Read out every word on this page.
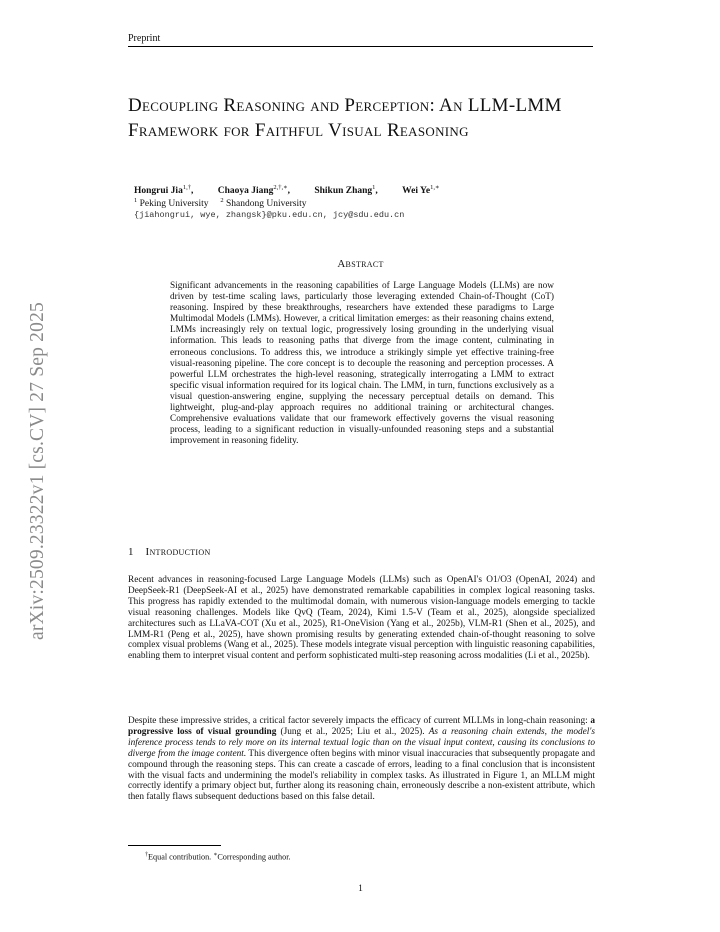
Preprint
Decoupling Reasoning and Perception: An LLM-LMM Framework for Faithful Visual Reasoning
Hongrui Jia$^{1,\dagger}$,	Chaoya Jiang$^{2,\dagger,∗}$,	Shikun Zhang$^1$,	Wei $Ye^{1,∗}$
$^1$ Peking University $^2$ Shandong University
{jiahongrui, wye, zhangsk}@pku.edu.cn, jcy@sdu.edu.cn
Abstract
Significant advancements in the reasoning capabilities of Large Language Models (LLMs) are now driven by test-time scaling laws, particularly those leveraging extended Chain-of-Thought (CoT) reasoning. Inspired by these breakthroughs, researchers have extended these paradigms to Large Multimodal Models (LMMs). However, a critical limitation emerges: as their reasoning chains extend, LMMs increasingly rely on textual logic, progressively losing grounding in the underlying visual information. This leads to reasoning paths that diverge from the image content, culminating in erroneous conclusions. To address this, we introduce a strikingly simple yet effective training-free visual-reasoning pipeline. The core concept is to decouple the reasoning and perception processes. A powerful LLM orchestrates the high-level reasoning, strategically interrogating a LMM to extract specific visual information required for its logical chain. The LMM, in turn, functions exclusively as a visual question-answering engine, supplying the necessary perceptual details on demand. This lightweight, plug-and-play approach requires no additional training or architectural changes. Comprehensive evaluations validate that our framework effectively governs the visual reasoning process, leading to a significant reduction in visually-unfounded reasoning steps and a substantial improvement in reasoning fidelity.
arXiv:2509.23322v1 [cs.CV] 27 Sep 2025	1 Introduction
Recent advances in reasoning-focused Large Language Models (LLMs) such as OpenAI's O1/O3 (OpenAI, 2024) and DeepSeek-R1 (DeepSeek-AI et al., 2025) have demonstrated remarkable capabilities in complex logical reasoning tasks. This progress has rapidly extended to the multimodal domain, with numerous vision-language models emerging to tackle visual reasoning challenges. Models like QvQ (Team, 2024), Kimi 1.5-V (Team et al., 2025), alongside specialized architectures such as LLaVA-COT (Xu et al., 2025), R1-OneVision (Yang et al., 2025b), VLM-R1 (Shen et al., 2025), and LMM-R1 (Peng et al., 2025), have shown promising results by generating extended chain-of-thought reasoning to solve complex visual problems (Wang et al., 2025). These models integrate visual perception with linguistic reasoning capabilities, enabling them to interpret visual content and perform sophisticated multi-step reasoning across modalities (Li et al., 2025b).
Despite these impressive strides, a critical factor severely impacts the efficacy of current MLLMs in long-chain reasoning: a progressive loss of visual grounding (Jung et al., 2025; Liu et al., 2025). As a reasoning chain extends, the model's inference process tends to rely more on its internal textual logic than on the visual input context, causing its conclusions to diverge from the image content. This divergence often begins with minor visual inaccuracies that subsequently propagate and compound through the reasoning steps. This can create a cascade of errors, leading to a final conclusion that is inconsistent with the visual facts and undermining the model's reliability in complex tasks. As illustrated in Figure 1, an MLLM might correctly identify a primary object but, further along its reasoning chain, erroneously describe a non-existent attribute, which then fatally flaws subsequent deductions based on this false detail.
†Equal contribution. ∗Corresponding author.
1
